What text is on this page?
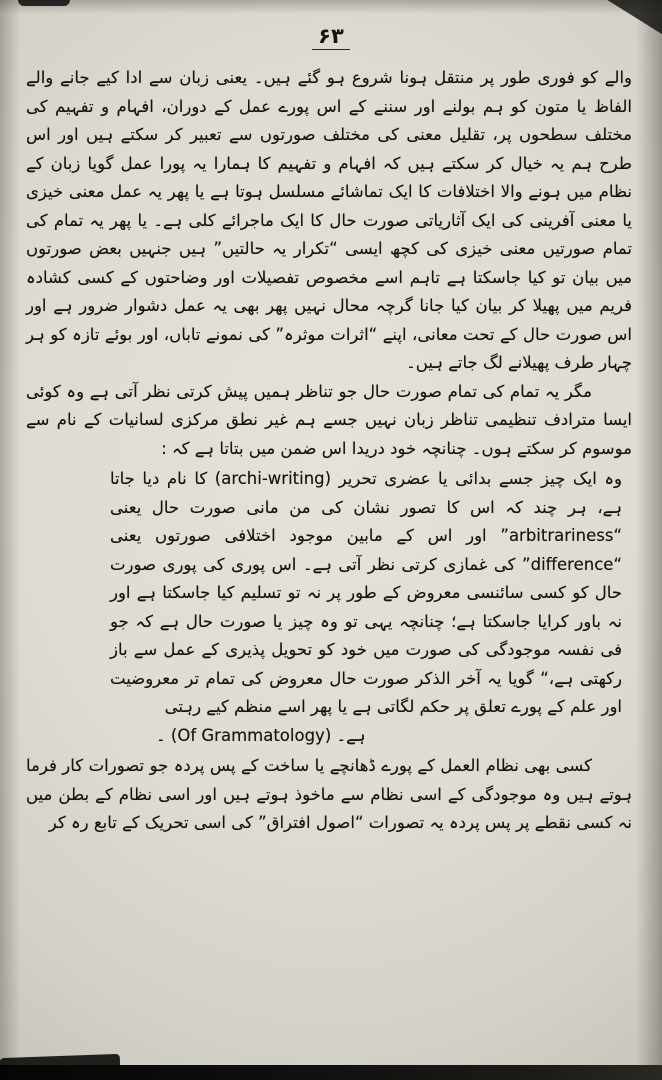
۶۳

والے کو فوری طور پر منتقل ہونا شروع ہو گئے ہیں۔ یعنی زبان سے ادا کیے جانے والے الفاظ یا متون کو ہم بولنے اور سننے کے اس پورے عمل کے دوران، افہام و تفہیم کی مختلف سطحوں پر، تقلیل معنی کی مختلف صورتوں سے تعبیر کر سکتے ہیں اور اس طرح ہم یہ خیال کر سکتے ہیں کہ افہام و تفہیم کا ہمارا یہ پورا عمل گویا زبان کے نظام میں ہونے والا اختلافات کا ایک تماشائے مسلسل ہوتا ہے یا پھر یہ عمل معنی خیزی یا معنی آفرینی کی ایک آثاریاتی صورت حال کا ایک ماجرائے کلی ہے۔ یا پھر یہ تمام کی تمام صورتیں معنی خیزی کی کچھ ایسی “تکرار یہ حالتیں” ہیں جنہیں بعض صورتوں میں بیان تو کیا جاسکتا ہے تاہم اسے مخصوص تفصیلات اور وضاحتوں کے کسی کشادہ فریم میں پھیلا کر بیان کیا جانا گرچہ محال نہیں پھر بھی یہ عمل دشوار ضرور ہے اور اس صورت حال کے تحت معانی، اپنے “اثرات موثرہ” کی نمونے تاباں، اور بوئے تازہ کو ہر چہار طرف پھیلانے لگ جاتے ہیں۔

مگر یہ تمام کی تمام صورت حال جو تناظر ہمیں پیش کرتی نظر آتی ہے وہ کوئی ایسا مترادف تنظیمی تناظر زبان نہیں جسے ہم غیر نطق مرکزی لسانیات کے نام سے موسوم کر سکتے ہوں۔ چنانچہ خود دریدا اس ضمن میں بتاتا ہے کہ :

وہ ایک چیز جسے بدائی یا عضری تحریر (archi-writing) کا نام دیا جاتا ہے، ہر چند کہ اس کا تصور نشان کی من مانی صورت حال یعنی “arbitrariness” اور اس کے مابین موجود اختلافی صورتوں یعنی “difference” کی غمازی کرتی نظر آتی ہے۔ اس پوری کی پوری صورت حال کو کسی سائنسی معروض کے طور پر نہ تو تسلیم کیا جاسکتا ہے اور نہ باور کرایا جاسکتا ہے؛ چنانچہ یہی تو وہ چیز یا صورت حال ہے کہ جو فی نفسہ موجودگی کی صورت میں خود کو تحویل پذیری کے عمل سے باز رکھتی ہے،“ گویا یہ آخر الذکر صورت حال معروض کی تمام تر معروضیت اور علم کے پورے تعلق پر حکم لگاتی ہے یا پھر اسے منظم کیے رہتی

ہے۔ (Of Grammatology) ۔

کسی بھی نظام العمل کے پورے ڈھانچے یا ساخت کے پس پردہ جو تصورات کار فرما ہوتے ہیں وہ موجودگی کے اسی نظام سے ماخوذ ہوتے ہیں اور اسی نظام کے بطن میں نہ کسی نقطے پر پس پردہ یہ تصورات “اصول افتراق” کی اسی تحریک کے تابع رہ کر
